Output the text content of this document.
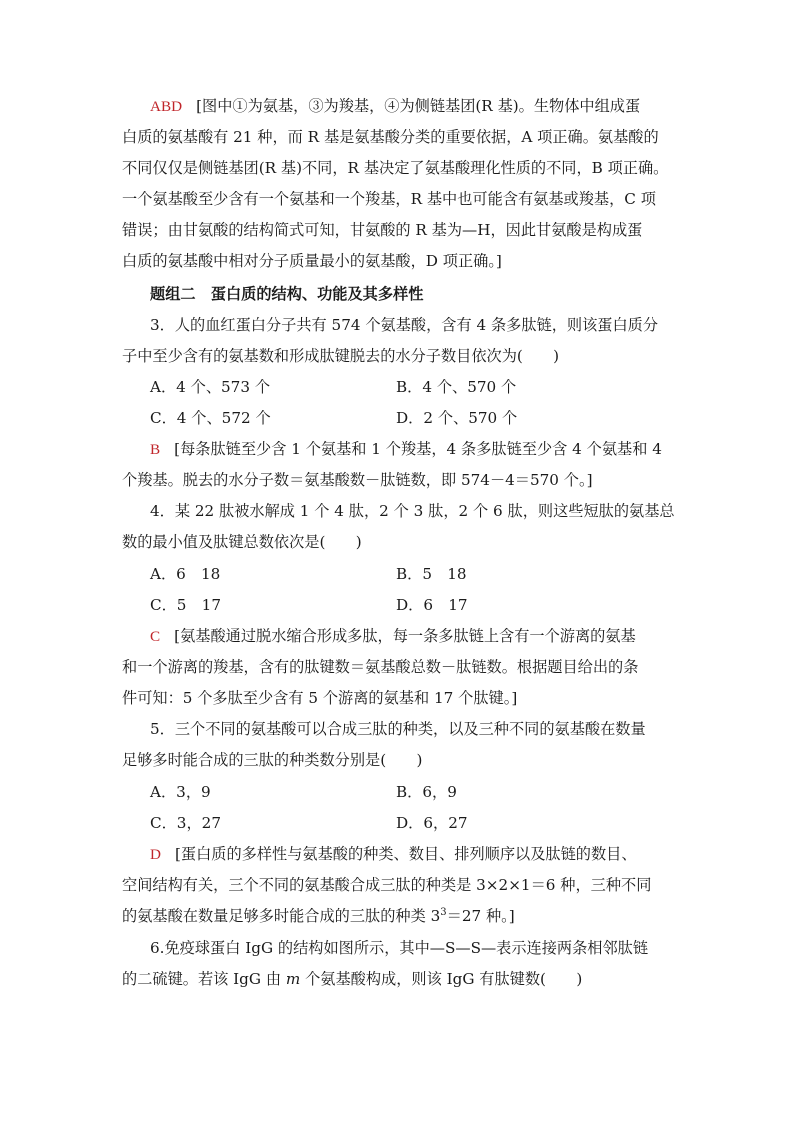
ABD [图中①为氨基，③为羧基，④为侧链基团(R 基)。生物体中组成蛋
白质的氨基酸有 21 种，而 R 基是氨基酸分类的重要依据，A 项正确。氨基酸的
不同仅仅是侧链基团(R 基)不同，R 基决定了氨基酸理化性质的不同，B 项正确。
一个氨基酸至少含有一个氨基和一个羧基，R 基中也可能含有氨基或羧基，C 项
错误；由甘氨酸的结构简式可知，甘氨酸的 R 基为—H，因此甘氨酸是构成蛋
白质的氨基酸中相对分子质量最小的氨基酸，D 项正确。]
题组二　蛋白质的结构、功能及其多样性
3．人的血红蛋白分子共有 574 个氨基酸，含有 4 条多肽链，则该蛋白质分
子中至少含有的氨基数和形成肽键脱去的水分子数目依次为(　　)
A．4 个、573 个	B．4 个、570 个
C．4 个、572 个	D．2 个、570 个
B [每条肽链至少含 1 个氨基和 1 个羧基，4 条多肽链至少含 4 个氨基和 4
个羧基。脱去的水分子数＝氨基酸数－肽链数，即 574－4＝570 个。]
4．某 22 肽被水解成 1 个 4 肽，2 个 3 肽，2 个 6 肽，则这些短肽的氨基总
数的最小值及肽键总数依次是(　　)
A．6　18	B．5　18
C．5　17	D．6　17
C [氨基酸通过脱水缩合形成多肽，每一条多肽链上含有一个游离的氨基
和一个游离的羧基，含有的肽键数＝氨基酸总数－肽链数。根据题目给出的条
件可知：5 个多肽至少含有 5 个游离的氨基和 17 个肽键。]
5．三个不同的氨基酸可以合成三肽的种类，以及三种不同的氨基酸在数量
足够多时能合成的三肽的种类数分别是(　　)
A．3，9	B．6，9
C．3，27	D．6，27
D [蛋白质的多样性与氨基酸的种类、数目、排列顺序以及肽链的数目、
空间结构有关，三个不同的氨基酸合成三肽的种类是 3×2×1＝6 种，三种不同
的氨基酸在数量足够多时能合成的三肽的种类 $3^3=27$ 种。]
6.免疫球蛋白 IgG 的结构如图所示，其中—S—S—表示连接两条相邻肽链
的二硫键。若该 IgG 由 m 个氨基酸构成，则该 IgG 有肽键数(　　)
